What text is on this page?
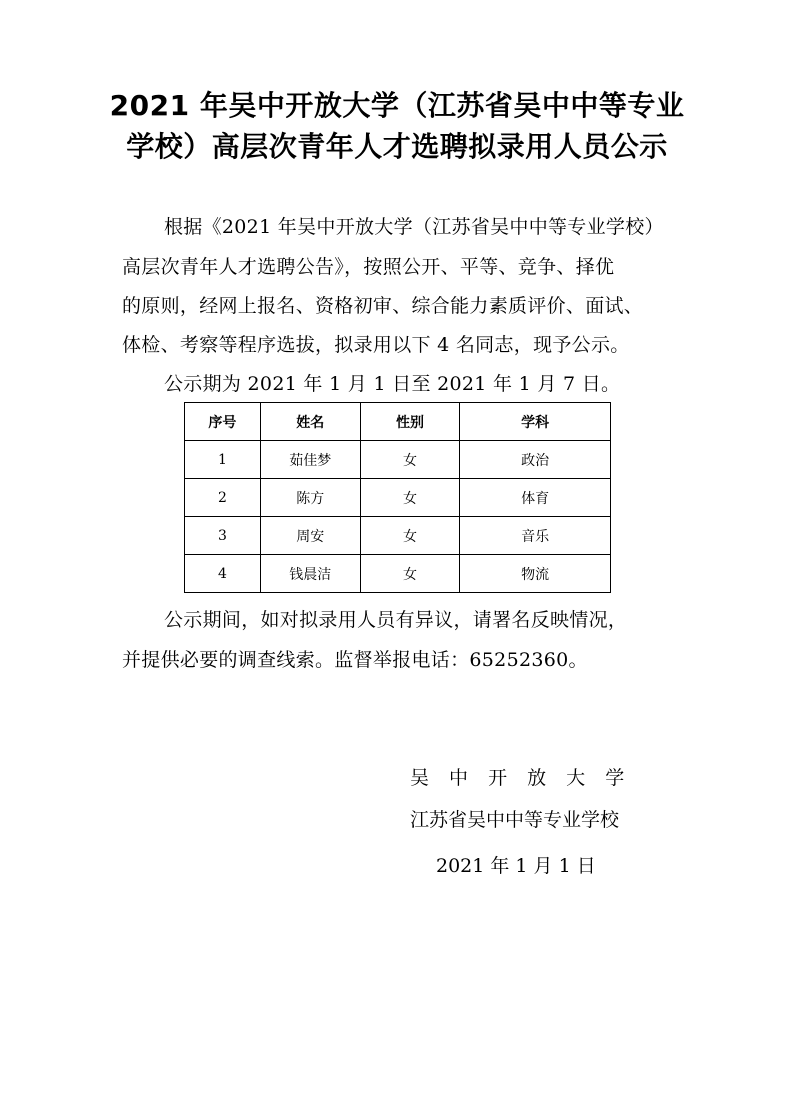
2021 年吴中开放大学（江苏省吴中中等专业
学校）高层次青年人才选聘拟录用人员公示
根据《2021 年吴中开放大学（江苏省吴中中等专业学校）
高层次青年人才选聘公告》，按照公开、平等、竞争、择优
的原则，经网上报名、资格初审、综合能力素质评价、面试、
体检、考察等程序选拔，拟录用以下 4 名同志，现予公示。
公示期为 2021 年 1 月 1 日至 2021 年 1 月 7 日。
序号	姓名	性别	学科
1	茹佳梦	女	政治
2	陈方	女	体育
3	周安	女	音乐
4	钱晨洁	女	物流
公示期间，如对拟录用人员有异议，请署名反映情况，
并提供必要的调查线索。监督举报电话：65252360。
吴 中 开 放 大 学
江苏省吴中中等专业学校
2021 年 1 月 1 日
